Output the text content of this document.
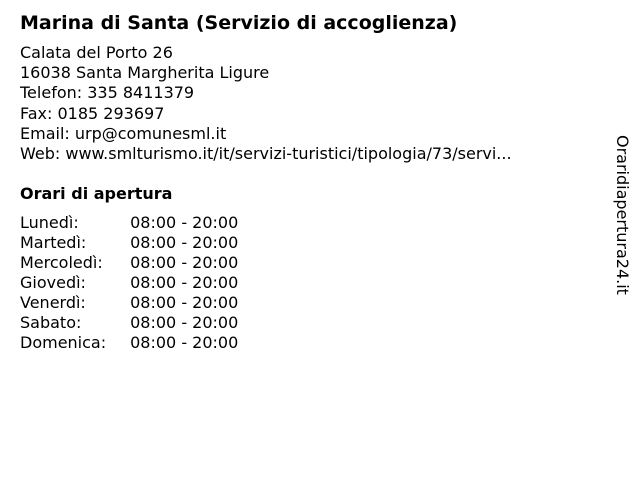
Marina di Santa (Servizio di accoglienza)
Calata del Porto 26
16038 Santa Margherita Ligure
Telefon: 335 8411379
Fax: 0185 293697
Email: urp@comunesml.it
Web: www.smlturismo.it/it/servizi-turistici/tipologia/73/servi...
Orari di apertura
Lunedì:	08:00 - 20:00
Martedì:	08:00 - 20:00
Mercoledì:	08:00 - 20:00
Giovedì:	08:00 - 20:00
Venerdì:	08:00 - 20:00
Sabato:	08:00 - 20:00
Domenica:	08:00 - 20:00
Oraridiapertura24.it
